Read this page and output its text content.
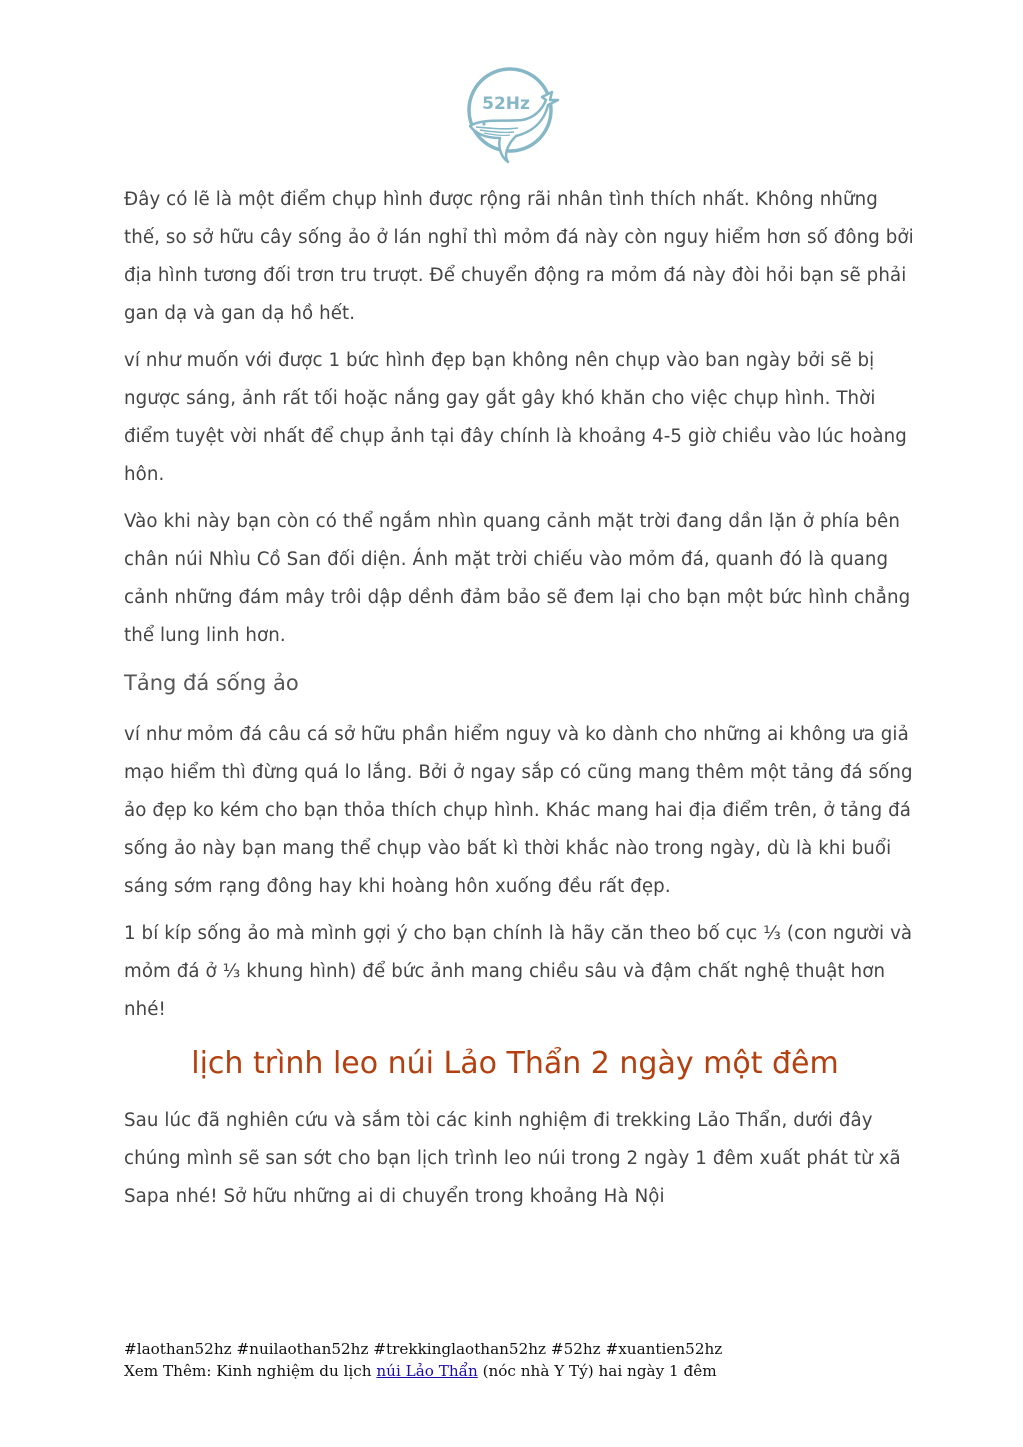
52Hz

Đây có lẽ là một điểm chụp hình được rộng rãi nhân tình thích nhất. Không những thế, so sở hữu cây sống ảo ở lán nghỉ thì mỏm đá này còn nguy hiểm hơn số đông bởi địa hình tương đối trơn tru trượt. Để chuyển động ra mỏm đá này đòi hỏi bạn sẽ phải gan dạ và gan dạ hồ hết.

ví như muốn với được 1 bức hình đẹp bạn không nên chụp vào ban ngày bởi sẽ bị ngược sáng, ảnh rất tối hoặc nắng gay gắt gây khó khăn cho việc chụp hình. Thời điểm tuyệt vời nhất để chụp ảnh tại đây chính là khoảng 4-5 giờ chiều vào lúc hoàng hôn.

Vào khi này bạn còn có thể ngắm nhìn quang cảnh mặt trời đang dần lặn ở phía bên chân núi Nhìu Cồ San đối diện. Ánh mặt trời chiếu vào mỏm đá, quanh đó là quang cảnh những đám mây trôi dập dềnh đảm bảo sẽ đem lại cho bạn một bức hình chẳng thể lung linh hơn.

Tảng đá sống ảo

ví như mỏm đá câu cá sở hữu phần hiểm nguy và ko dành cho những ai không ưa giả mạo hiểm thì đừng quá lo lắng. Bởi ở ngay sắp có cũng mang thêm một tảng đá sống ảo đẹp ko kém cho bạn thỏa thích chụp hình. Khác mang hai địa điểm trên, ở tảng đá sống ảo này bạn mang thể chụp vào bất kì thời khắc nào trong ngày, dù là khi buổi sáng sớm rạng đông hay khi hoàng hôn xuống đều rất đẹp.

1 bí kíp sống ảo mà mình gợi ý cho bạn chính là hãy căn theo bố cục ⅓ (con người và mỏm đá ở ⅓ khung hình) để bức ảnh mang chiều sâu và đậm chất nghệ thuật hơn nhé!

lịch trình leo núi Lảo Thẩn 2 ngày một đêm

Sau lúc đã nghiên cứu và sắm tòi các kinh nghiệm đi trekking Lảo Thẩn, dưới đây chúng mình sẽ san sớt cho bạn lịch trình leo núi trong 2 ngày 1 đêm xuất phát từ xã Sapa nhé! Sở hữu những ai di chuyển trong khoảng Hà Nội

#laothan52hz #nuilaothan52hz #trekkinglaothan52hz #52hz #xuantien52hz
Xem Thêm: Kinh nghiệm du lịch núi Lảo Thẩn (nóc nhà Y Tý) hai ngày 1 đêm
